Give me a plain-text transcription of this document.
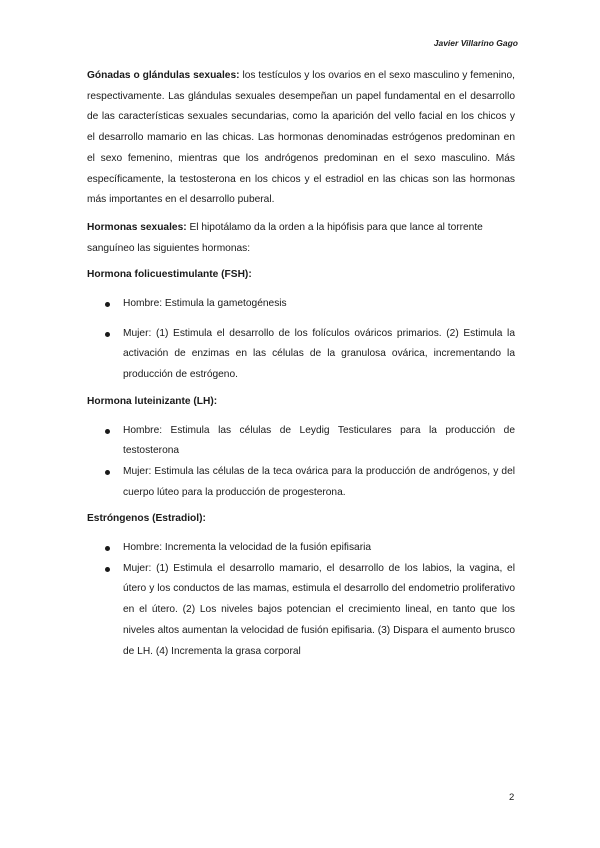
Javier Villarino Gago

Gónadas o glándulas sexuales: los testículos y los ovarios en el sexo masculino y femenino, respectivamente. Las glándulas sexuales desempeñan un papel fundamental en el desarrollo de las características sexuales secundarias, como la aparición del vello facial en los chicos y el desarrollo mamario en las chicas. Las hormonas denominadas estrógenos predominan en el sexo femenino, mientras que los andrógenos predominan en el sexo masculino. Más específicamente, la testosterona en los chicos y el estradiol en las chicas son las hormonas más importantes en el desarrollo puberal.

Hormonas sexuales: El hipotálamo da la orden a la hipófisis para que lance al torrente sanguíneo las siguientes hormonas:

Hormona folicuestimulante (FSH):

Hombre: Estimula la gametogénesis
Mujer: (1) Estimula el desarrollo de los folículos ováricos primarios. (2) Estimula la activación de enzimas en las células de la granulosa ovárica, incrementando la producción de estrógeno.

Hormona luteinizante (LH):

Hombre: Estimula las células de Leydig Testiculares para la producción de testosterona
Mujer: Estimula las células de la teca ovárica para la producción de andrógenos, y del cuerpo lúteo para la producción de progesterona.

Estróngenos (Estradiol):

Hombre: Incrementa la velocidad de la fusión epifisaria
Mujer: (1) Estimula el desarrollo mamario, el desarrollo de los labios, la vagina, el útero y los conductos de las mamas, estimula el desarrollo del endometrio proliferativo en el útero. (2) Los niveles bajos potencian el crecimiento lineal, en tanto que los niveles altos aumentan la velocidad de fusión epifisaria. (3) Dispara el aumento brusco de LH. (4) Incrementa la grasa corporal
2
